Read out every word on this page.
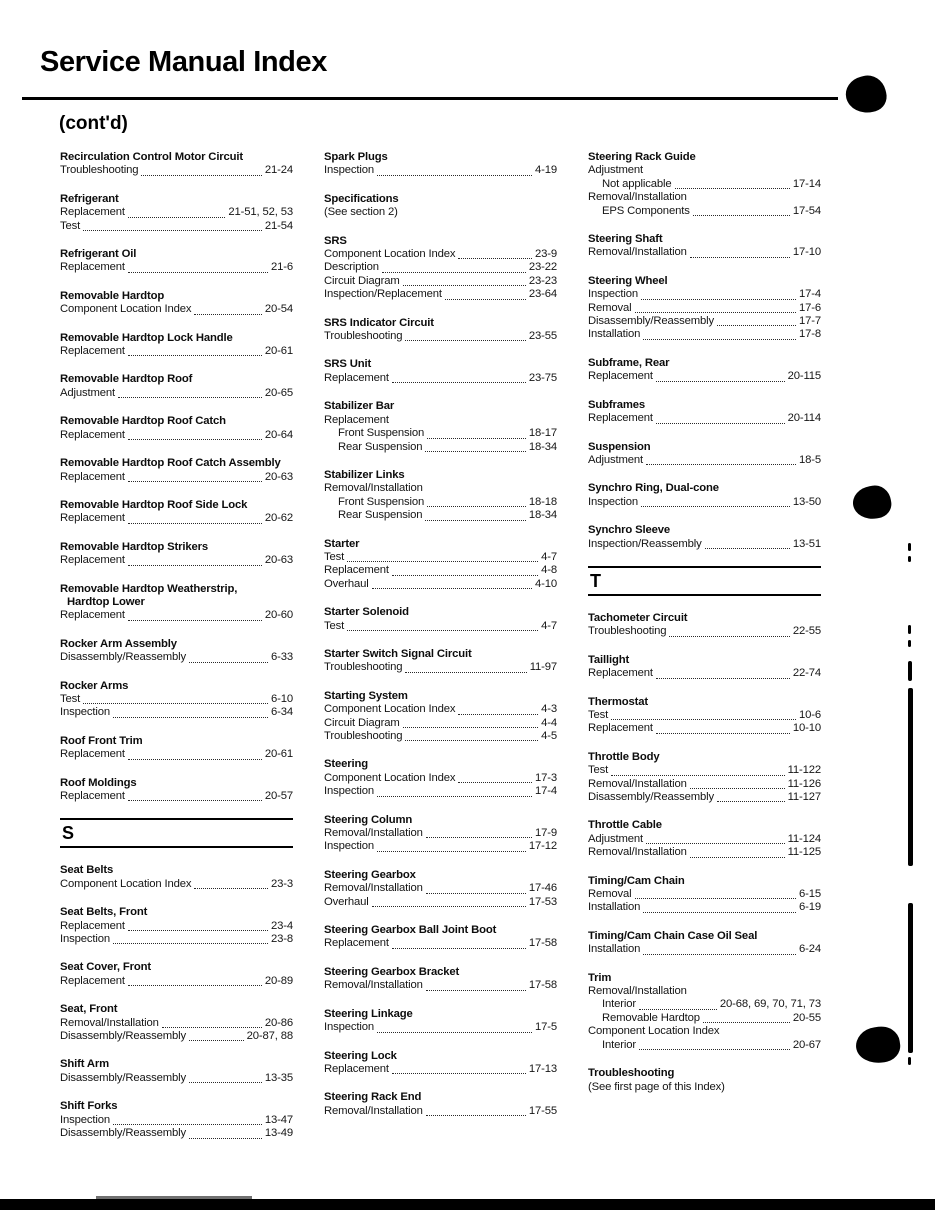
Service Manual Index
(cont'd)
Recirculation Control Motor Circuit
Troubleshooting	21-24
Refrigerant
Replacement	21-51, 52, 53
Test	21-54
Refrigerant Oil
Replacement	21-6
Removable Hardtop
Component Location Index	20-54
Removable Hardtop Lock Handle
Replacement	20-61
Removable Hardtop Roof
Adjustment	20-65
Removable Hardtop Roof Catch
Replacement	20-64
Removable Hardtop Roof Catch Assembly
Replacement	20-63
Removable Hardtop Roof Side Lock
Replacement	20-62
Removable Hardtop Strikers
Replacement	20-63
Removable Hardtop Weatherstrip,
Hardtop Lower
Replacement	20-60
Rocker Arm Assembly
Disassembly/Reassembly	6-33
Rocker Arms
Test	6-10
Inspection	6-34
Roof Front Trim
Replacement	20-61
Roof Moldings
Replacement	20-57
S
Seat Belts
Component Location Index	23-3
Seat Belts, Front
Replacement	23-4
Inspection	23-8
Seat Cover, Front
Replacement	20-89
Seat, Front
Removal/Installation	20-86
Disassembly/Reassembly	20-87, 88
Shift Arm
Disassembly/Reassembly	13-35
Shift Forks
Inspection	13-47
Disassembly/Reassembly	13-49
Spark Plugs
Inspection	4-19
Specifications
(See section 2)
SRS
Component Location Index	23-9
Description	23-22
Circuit Diagram	23-23
Inspection/Replacement	23-64
SRS Indicator Circuit
Troubleshooting	23-55
SRS Unit
Replacement	23-75
Stabilizer Bar
Replacement
Front Suspension	18-17
Rear Suspension	18-34
Stabilizer Links
Removal/Installation
Front Suspension	18-18
Rear Suspension	18-34
Starter
Test	4-7
Replacement	4-8
Overhaul	4-10
Starter Solenoid
Test	4-7
Starter Switch Signal Circuit
Troubleshooting	11-97
Starting System
Component Location Index	4-3
Circuit Diagram	4-4
Troubleshooting	4-5
Steering
Component Location Index	17-3
Inspection	17-4
Steering Column
Removal/Installation	17-9
Inspection	17-12
Steering Gearbox
Removal/Installation	17-46
Overhaul	17-53
Steering Gearbox Ball Joint Boot
Replacement	17-58
Steering Gearbox Bracket
Removal/Installation	17-58
Steering Linkage
Inspection	17-5
Steering Lock
Replacement	17-13
Steering Rack End
Removal/Installation	17-55
Steering Rack Guide
Adjustment
Not applicable	17-14
Removal/Installation
EPS Components	17-54
Steering Shaft
Removal/Installation	17-10
Steering Wheel
Inspection	17-4
Removal	17-6
Disassembly/Reassembly	17-7
Installation	17-8
Subframe, Rear
Replacement	20-115
Subframes
Replacement	20-114
Suspension
Adjustment	18-5
Synchro Ring, Dual-cone
Inspection	13-50
Synchro Sleeve
Inspection/Reassembly	13-51
T
Tachometer Circuit
Troubleshooting	22-55
Taillight
Replacement	22-74
Thermostat
Test	10-6
Replacement	10-10
Throttle Body
Test	11-122
Removal/Installation	11-126
Disassembly/Reassembly	11-127
Throttle Cable
Adjustment	11-124
Removal/Installation	11-125
Timing/Cam Chain
Removal	6-15
Installation	6-19
Timing/Cam Chain Case Oil Seal
Installation	6-24
Trim
Removal/Installation
Interior	20-68, 69, 70, 71, 73
Removable Hardtop	20-55
Component Location Index
Interior	20-67
Troubleshooting
(See first page of this Index)
